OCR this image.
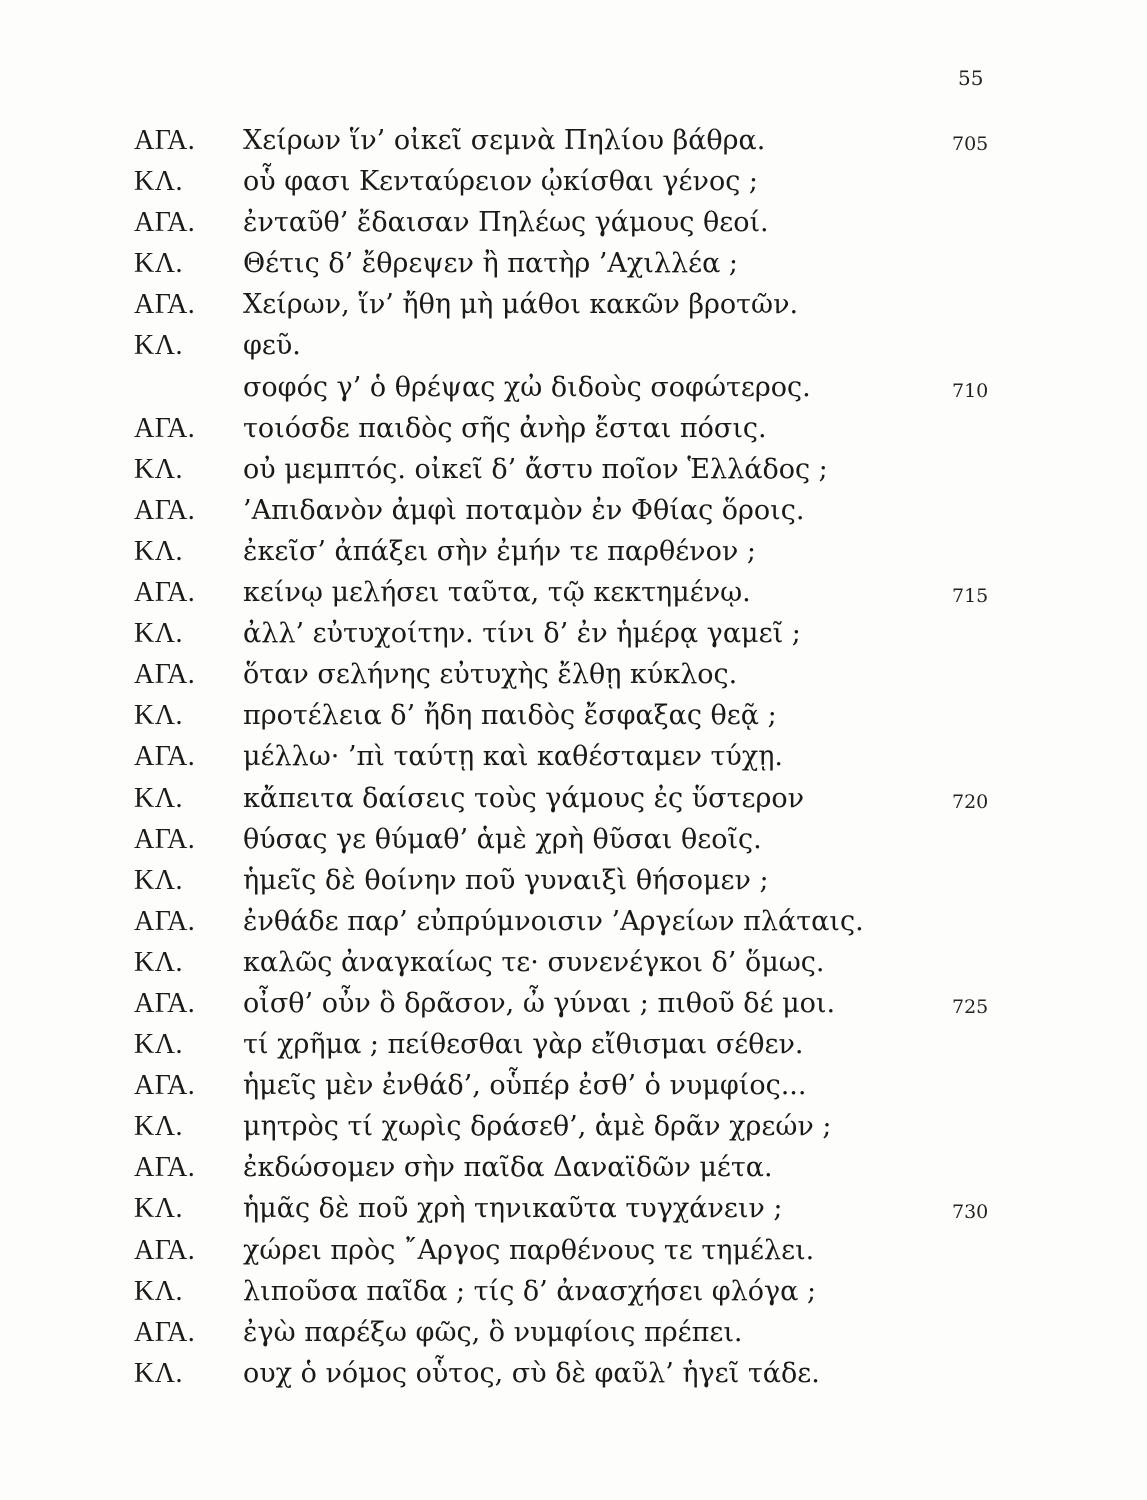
55
ΑΓΑ. Χείρων ἵν’ οἰκεῖ σεμνὰ Πηλίου βάθρα.	705
ΚΛ. οὗ φασι Κενταύρειον ᾠκίσθαι γένος ;
ΑΓΑ. ἐνταῦθ’ ἔδαισαν Πηλέως γάμους θεοί.
ΚΛ. Θέτις δ’ ἔθρεψεν ἢ πατὴρ ’Αχιλλέα ;
ΑΓΑ. Χείρων, ἵν’ ἤθη μὴ μάθοι κακῶν βροτῶν.
ΚΛ. φεῦ.
σοφός γ’ ὁ θρέψας χὠ διδοὺς σοφώτερος.	710
ΑΓΑ. τοιόσδε παιδὸς σῆς ἀνὴρ ἔσται πόσις.
ΚΛ. οὐ μεμπτός. οἰκεῖ δ’ ἄστυ ποῖον Ἑλλάδος ;
ΑΓΑ. ’Απιδανὸν ἀμφὶ ποταμὸν ἐν Φθίας ὅροις.
ΚΛ. ἐκεῖσ’ ἀπάξει σὴν ἐμήν τε παρθένον ;
ΑΓΑ. κείνῳ μελήσει ταῦτα, τῷ κεκτημένῳ.	715
ΚΛ. ἀλλ’ εὐτυχοίτην. τίνι δ’ ἐν ἡμέρᾳ γαμεῖ ;
ΑΓΑ. ὅταν σελήνης εὐτυχὴς ἔλθῃ κύκλος.
ΚΛ. προτέλεια δ’ ἤδη παιδὸς ἔσφαξας θεᾷ ;
ΑΓΑ. μέλλω· ’πὶ ταύτῃ καὶ καθέσταμεν τύχῃ.
ΚΛ. κἄπειτα δαίσεις τοὺς γάμους ἐς ὕστερον	720
ΑΓΑ. θύσας γε θύμαθ’ ἁμὲ χρὴ θῦσαι θεοῖς.
ΚΛ. ἡμεῖς δὲ θοίνην ποῦ γυναιξὶ θήσομεν ;
ΑΓΑ. ἐνθάδε παρ’ εὐπρύμνοισιν ’Αργείων πλάταις.
ΚΛ. καλῶς ἀναγκαίως τε· συνενέγκοι δ’ ὅμως.
ΑΓΑ. οἶσθ’ οὖν ὃ δρᾶσον, ὦ γύναι ; πιθοῦ δέ μοι.	725
ΚΛ. τί χρῆμα ; πείθεσθαι γὰρ εἴθισμαι σέθεν.
ΑΓΑ. ἡμεῖς μὲν ἐνθάδ’, οὗπέρ ἐσθ’ ὁ νυμφίος...
ΚΛ. μητρὸς τί χωρὶς δράσεθ’, ἁμὲ δρᾶν χρεών ;
ΑΓΑ. ἐκδώσομεν σὴν παῖδα Δαναϊδῶν μέτα.
ΚΛ. ἡμᾶς δὲ ποῦ χρὴ τηνικαῦτα τυγχάνειν ;	730
ΑΓΑ. χώρει πρὸς ῎Αργος παρθένους τε τημέλει.
ΚΛ. λιποῦσα παῖδα ; τίς δ’ ἀνασχήσει φλόγα ;
ΑΓΑ. ἐγὼ παρέξω φῶς, ὃ νυμφίοις πρέπει.
ΚΛ. ουχ ὁ νόμος οὗτος, σὺ δὲ φαῦλ’ ἡγεῖ τάδε.
